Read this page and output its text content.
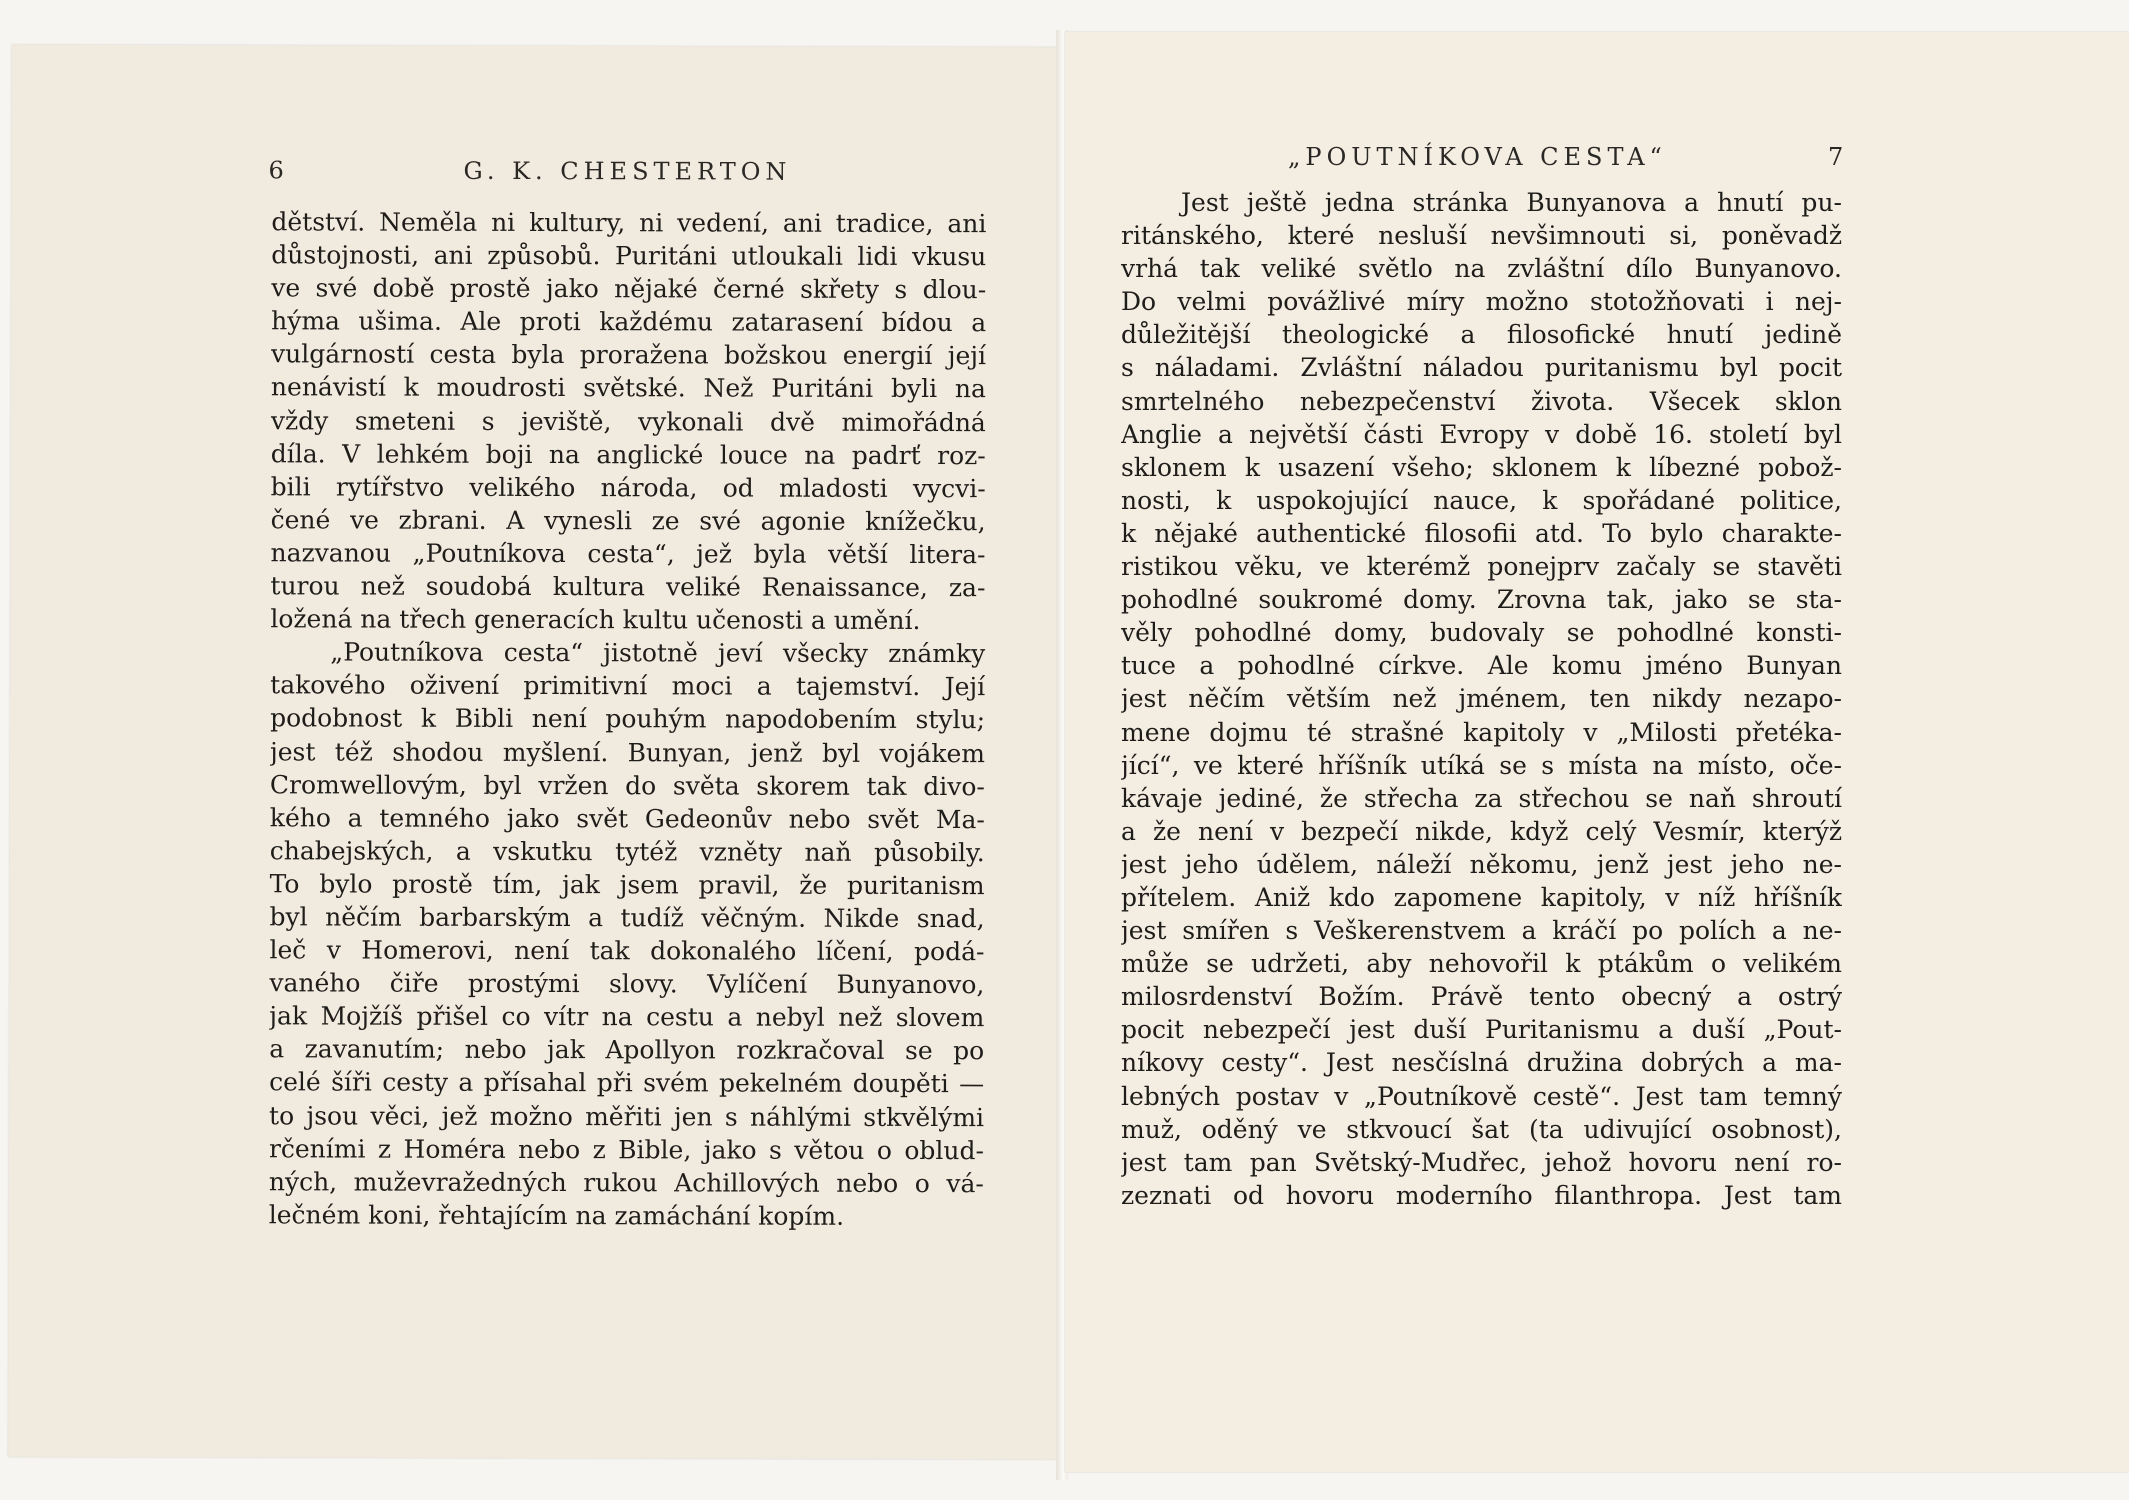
6	G. K. CHESTERTON
dětství. Neměla ni kultury, ni vedení, ani tradice, ani
důstojnosti, ani způsobů. Puritáni utloukali lidi vkusu
ve své době prostě jako nějaké černé skřety s dlou-
hýma ušima. Ale proti každému zatarasení bídou a
vulgárností cesta byla proražena božskou energií její
nenávistí k moudrosti světské. Než Puritáni byli na
vždy smeteni s jeviště, vykonali dvě mimořádná
díla. V lehkém boji na anglické louce na padrť roz-
bili rytířstvo velikého národa, od mladosti vycvi-
čené ve zbrani. A vynesli ze své agonie knížečku,
nazvanou „Poutníkova cesta“, jež byla větší litera-
turou než soudobá kultura veliké Renaissance, za-
ložená na třech generacích kultu učenosti a umění.
„Poutníkova cesta“ jistotně jeví všecky známky
takového oživení primitivní moci a tajemství. Její
podobnost k Bibli není pouhým napodobením stylu;
jest též shodou myšlení. Bunyan, jenž byl vojákem
Cromwellovým, byl vržen do světa skorem tak divo-
kého a temného jako svět Gedeonův nebo svět Ma-
chabejských, a vskutku tytéž vzněty naň působily.
To bylo prostě tím, jak jsem pravil, že puritanism
byl něčím barbarským a tudíž věčným. Nikde snad,
leč v Homerovi, není tak dokonalého líčení, podá-
vaného čiře prostými slovy. Vylíčení Bunyanovo,
jak Mojžíš přišel co vítr na cestu a nebyl než slovem
a zavanutím; nebo jak Apollyon rozkračoval se po
celé šíři cesty a přísahal při svém pekelném doupěti —
to jsou věci, jež možno měřiti jen s náhlými stkvělými
rčeními z Homéra nebo z Bible, jako s větou o oblud-
ných, muževražedných rukou Achillových nebo o vá-
lečném koni, řehtajícím na zamáchání kopím.
„POUTNÍKOVA CESTA“	7
Jest ještě jedna stránka Bunyanova a hnutí pu-
ritánského, které nesluší nevšimnouti si, poněvadž
vrhá tak veliké světlo na zvláštní dílo Bunyanovo.
Do velmi povážlivé míry možno stotožňovati i nej-
důležitější theologické a filosofické hnutí jedině
s náladami. Zvláštní náladou puritanismu byl pocit
smrtelného nebezpečenství života. Všecek sklon
Anglie a největší části Evropy v době 16. století byl
sklonem k usazení všeho; sklonem k líbezné pobož-
nosti, k uspokojující nauce, k spořádané politice,
k nějaké authentické filosofii atd. To bylo charakte-
ristikou věku, ve kterémž ponejprv začaly se stavěti
pohodlné soukromé domy. Zrovna tak, jako se sta-
věly pohodlné domy, budovaly se pohodlné konsti-
tuce a pohodlné církve. Ale komu jméno Bunyan
jest něčím větším než jménem, ten nikdy nezapo-
mene dojmu té strašné kapitoly v „Milosti přetéka-
jící“, ve které hříšník utíká se s místa na místo, oče-
kávaje jediné, že střecha za střechou se naň shroutí
a že není v bezpečí nikde, když celý Vesmír, kterýž
jest jeho údělem, náleží někomu, jenž jest jeho ne-
přítelem. Aniž kdo zapomene kapitoly, v níž hříšník
jest smířen s Veškerenstvem a kráčí po polích a ne-
může se udržeti, aby nehovořil k ptákům o velikém
milosrdenství Božím. Právě tento obecný a ostrý
pocit nebezpečí jest duší Puritanismu a duší „Pout-
níkovy cesty“. Jest nesčíslná družina dobrých a ma-
lebných postav v „Poutníkově cestě“. Jest tam temný
muž, oděný ve stkvoucí šat (ta udivující osobnost),
jest tam pan Světský-Mudřec, jehož hovoru není ro-
zeznati od hovoru moderního filanthropa. Jest tam
